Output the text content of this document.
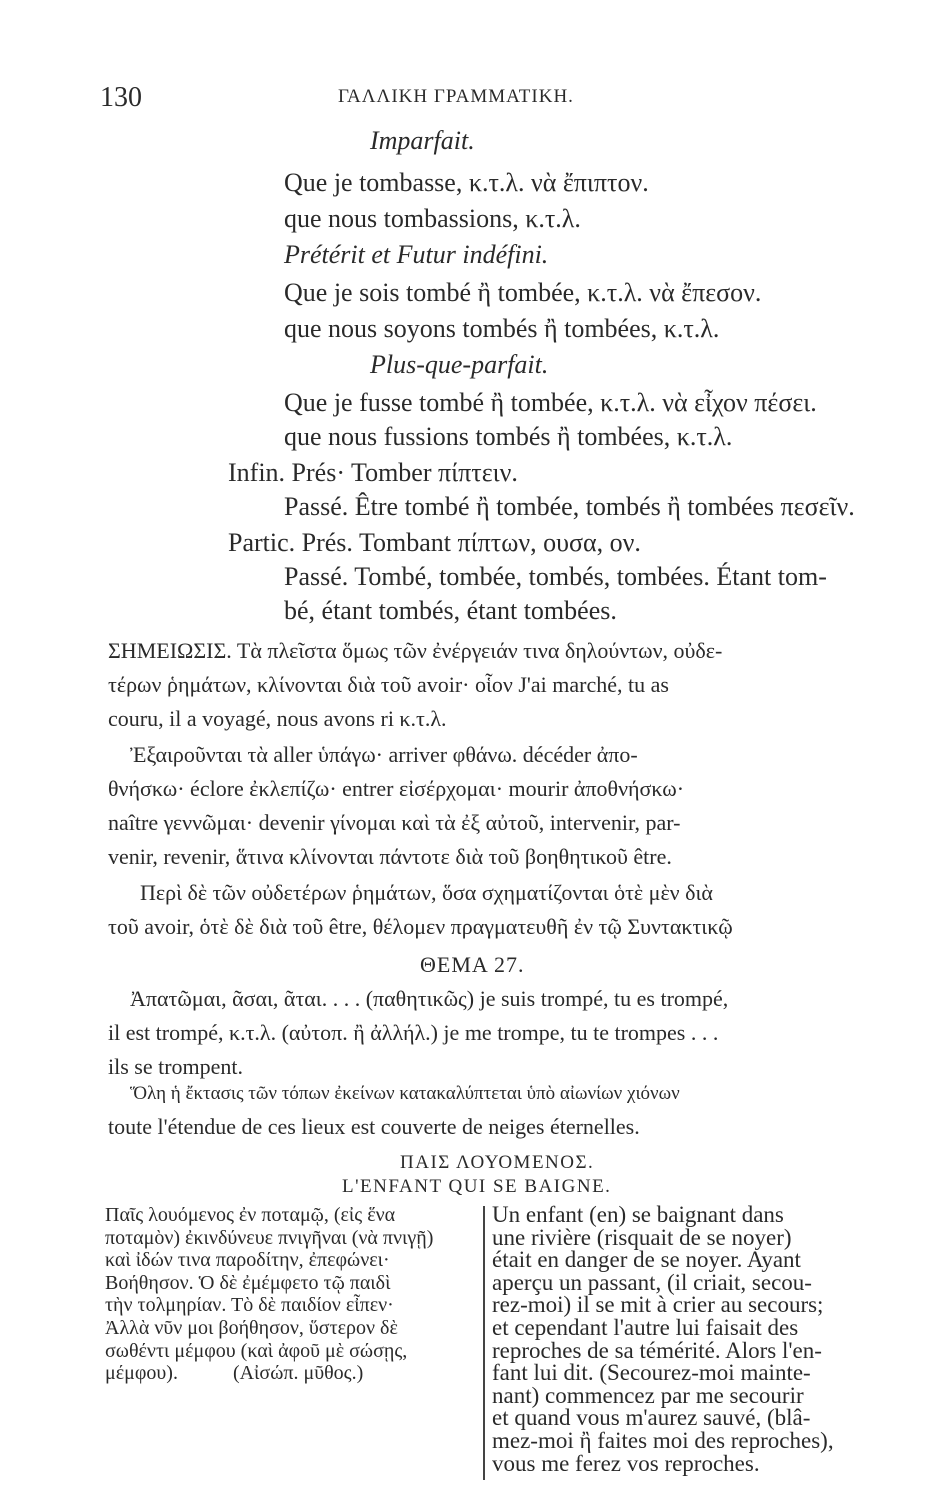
130	ΓΑΛΛΙΚΗ ΓΡΑΜΜΑΤΙΚΗ.
Imparfait.
Que je tombasse, κ.τ.λ. νὰ ἔπιπτον.
que nous tombassions, κ.τ.λ.
Prétérit et Futur indéfini.
Que je sois tombé ἢ tombée, κ.τ.λ. νὰ ἔπεσον.
que nous soyons tombés ἢ tombées, κ.τ.λ.
Plus-que-parfait.
Que je fusse tombé ἢ tombée, κ.τ.λ. νὰ εἶχον πέσει.
que nous fussions tombés ἢ tombées, κ.τ.λ.
Infin. Prés· Tomber πίπτειν.
Passé. Être tombé ἢ tombée, tombés ἢ tombées πεσεῖν.
Partic. Prés. Tombant πίπτων, ουσα, ον.
Passé. Tombé, tombée, tombés, tombées. Étant tom-
bé, étant tombés, étant tombées.
ΣΗΜΕΙΩΣΙΣ. Τὰ πλεῖστα ὅμως τῶν ἐνέργειάν τινα δηλούντων, οὐδε-
τέρων ῥημάτων, κλίνονται διὰ τοῦ avoir· οἷον J'ai marché, tu as
couru, il a voyagé, nous avons ri κ.τ.λ.
Ἐξαιροῦνται τὰ aller ὑπάγω· arriver φθάνω. décéder ἀπο-
θνήσκω· éclore ἐκλεπίζω· entrer εἰσέρχομαι· mourir ἀποθνήσκω·
naître γεννῶμαι· devenir γίνομαι καὶ τὰ ἐξ αὐτοῦ, intervenir, par-
venir, revenir, ἅτινα κλίνονται πάντοτε διὰ τοῦ βοηθητικοῦ être.
Περὶ δὲ τῶν οὐδετέρων ῥημάτων, ὅσα σχηματίζονται ὁτὲ μὲν διὰ
τοῦ avoir, ὁτὲ δὲ διὰ τοῦ être, θέλομεν πραγματευθῆ ἐν τῷ Συντακτικῷ
ΘΕΜΑ 27.
Ἀπατῶμαι, ᾶσαι, ᾶται. . . . (παθητικῶς) je suis trompé, tu es trompé,
il est trompé, κ.τ.λ. (αὐτοπ. ἢ ἀλλήλ.) je me trompe, tu te trompes . . .
ils se trompent.
Ὅλη ἡ ἔκτασις τῶν τόπων ἐκείνων κατακαλύπτεται ὑπὸ αἰωνίων χιόνων
toute l'étendue de ces lieux est couverte de neiges éternelles.
ΠΑΙΣ ΛΟΥΟΜΕΝΟΣ.
L'ENFANT QUI SE BAIGNE.
Παῖς λουόμενος ἐν ποταμῷ, (εἰς ἕνα
ποταμὸν) ἐκινδύνευε πνιγῆναι (νὰ πνιγῇ)
καὶ ἰδών τινα παροδίτην, ἐπεφώνει·
Βοήθησον. Ὁ δὲ ἐμέμφετο τῷ παιδὶ
τὴν τολμηρίαν. Τὸ δὲ παιδίον εἶπεν·
Ἀλλὰ νῦν μοι βοήθησον, ὕστερον δὲ
σωθέντι μέμφου (καὶ ἀφοῦ μὲ σώσῃς,
μέμφου).           (Αἰσώπ. μῦθος.)
Un enfant (en) se baignant dans
une rivière (risquait de se noyer)
était en danger de se noyer. Ayant
aperçu un passant, (il criait, secou-
rez-moi) il se mit à crier au secours;
et cependant l'autre lui faisait des
reproches de sa témérité. Alors l'en-
fant lui dit. (Secourez-moi mainte-
nant) commencez par me secourir
et quand vous m'aurez sauvé, (blâ-
mez-moi ἢ faites moi des reproches),
vous me ferez vos reproches.
